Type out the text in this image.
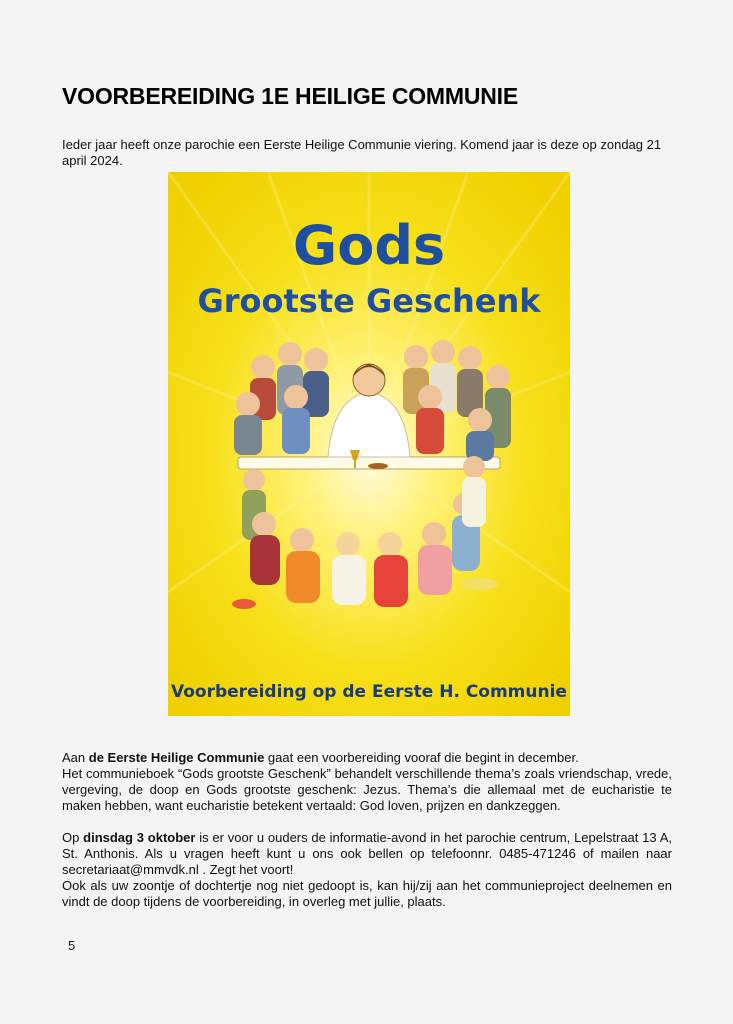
VOORBEREIDING 1E HEILIGE COMMUNIE

Ieder jaar heeft onze parochie een Eerste Heilige Communie viering. Komend jaar is deze op zondag 21 april 2024.

Gods
Grootste Geschenk
Voorbereiding op de Eerste H. Communie

Aan de Eerste Heilige Communie gaat een voorbereiding vooraf die begint in december.

Het communieboek “Gods grootste Geschenk” behandelt verschillende thema’s zoals vriendschap, vrede, vergeving, de doop en Gods grootste geschenk: Jezus. Thema’s die allemaal met de eucharistie te maken hebben, want eucharistie betekent vertaald: God loven, prijzen en dankzeggen.

Op dinsdag 3 oktober is er voor u ouders de informatie-avond in het parochie centrum, Lepelstraat 13 A, St. Anthonis. Als u vragen heeft kunt u ons ook bellen op telefoonnr. 0485-471246 of mailen naar secretariaat@mmvdk.nl . Zegt het voort!

Ook als uw zoontje of dochtertje nog niet gedoopt is, kan hij/zij aan het communieproject deelnemen en vindt de doop tijdens de voorbereiding, in overleg met jullie, plaats.

5
